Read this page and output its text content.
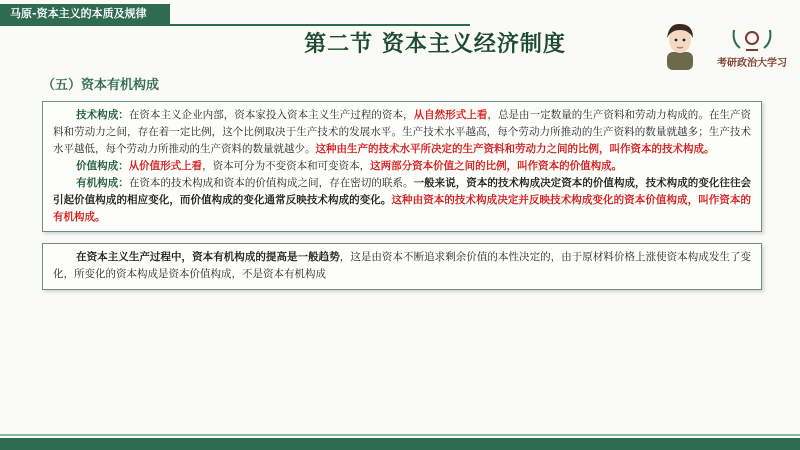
马原-资本主义的本质及规律
第二节 资本主义经济制度
考研政治大学习
（五）资本有机构成

技术构成：在资本主义企业内部，资本家投入资本主义生产过程的资本，从自然形式上看，总是由一定数量的生产资料和劳动力构成的。在生产资料和劳动力之间，存在着一定比例，这个比例取决于生产技术的发展水平。生产技术水平越高，每个劳动力所推动的生产资料的数量就越多；生产技术水平越低，每个劳动力所推动的生产资料的数量就越少。这种由生产的技术水平所决定的生产资料和劳动力之间的比例，叫作资本的技术构成。

价值构成：从价值形式上看，资本可分为不变资本和可变资本，这两部分资本价值之间的比例，叫作资本的价值构成。

有机构成：在资本的技术构成和资本的价值构成之间，存在密切的联系。一般来说，资本的技术构成决定资本的价值构成，技术构成的变化往往会引起价值构成的相应变化，而价值构成的变化通常反映技术构成的变化。这种由资本的技术构成决定并反映技术构成变化的资本价值构成，叫作资本的有机构成。

在资本主义生产过程中，资本有机构成的提高是一般趋势，这是由资本不断追求剩余价值的本性决定的，由于原材料价格上涨使资本构成发生了变化，所变化的资本构成是资本价值构成，不是资本有机构成
